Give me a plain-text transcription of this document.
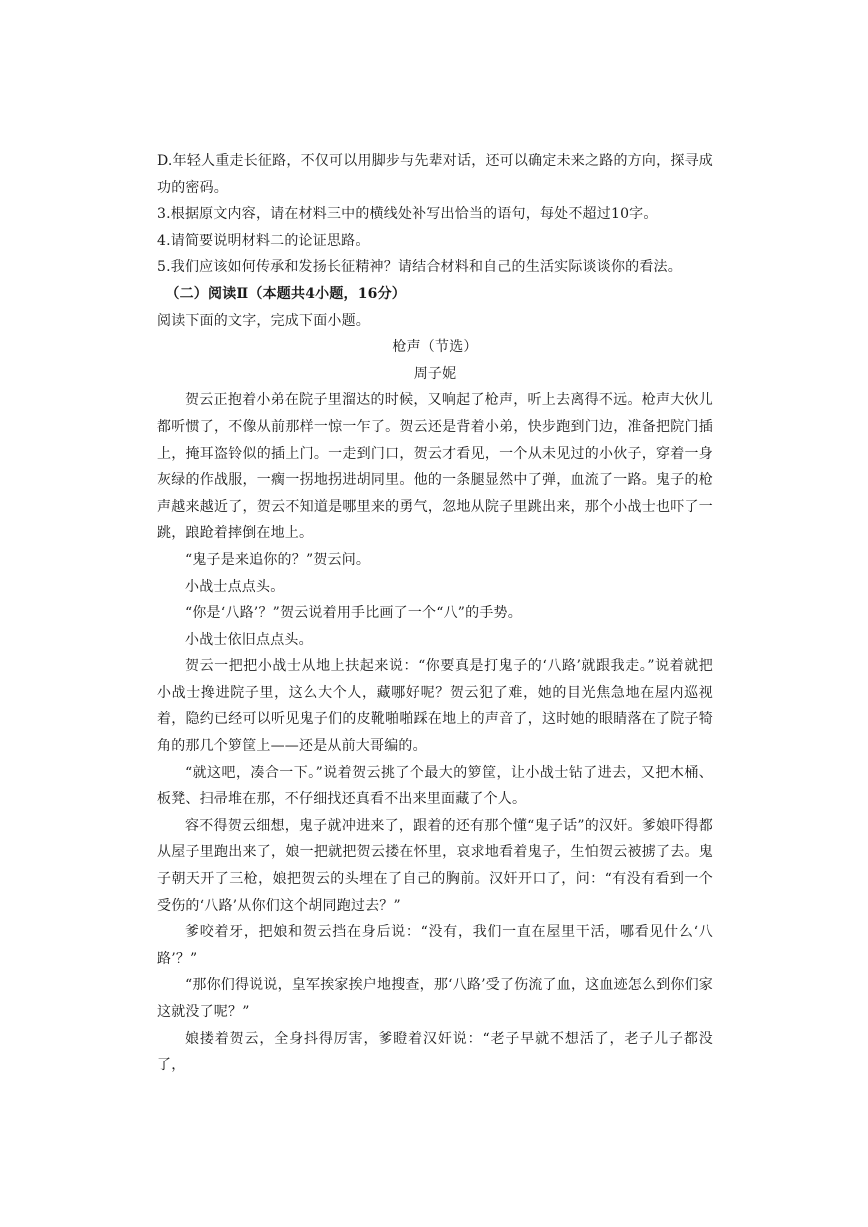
D.年轻人重走长征路，不仅可以用脚步与先辈对话，还可以确定未来之路的方向，探寻成功的密码。

3.根据原文内容，请在材料三中的横线处补写出恰当的语句，每处不超过10字。

4.请简要说明材料二的论证思路。

5.我们应该如何传承和发扬长征精神？请结合材料和自己的生活实际谈谈你的看法。

（二）阅读Ⅱ（本题共4小题，16分）

阅读下面的文字，完成下面小题。

枪声（节选）

周子妮

贺云正抱着小弟在院子里溜达的时候，又响起了枪声，听上去离得不远。枪声大伙儿都听惯了，不像从前那样一惊一乍了。贺云还是背着小弟，快步跑到门边，准备把院门插上，掩耳盗铃似的插上门。一走到门口，贺云才看见，一个从未见过的小伙子，穿着一身灰绿的作战服，一瘸一拐地拐进胡同里。他的一条腿显然中了弹，血流了一路。鬼子的枪声越来越近了，贺云不知道是哪里来的勇气，忽地从院子里跳出来，那个小战士也吓了一跳，踉跄着摔倒在地上。

“鬼子是来追你的？”贺云问。

小战士点点头。

“你是‘八路’？”贺云说着用手比画了一个“八”的手势。

小战士依旧点点头。

贺云一把把小战士从地上扶起来说：“你要真是打鬼子的‘八路’就跟我走。”说着就把小战士搀进院子里，这么大个人，藏哪好呢？贺云犯了难，她的目光焦急地在屋内巡视着，隐约已经可以听见鬼子们的皮靴啪啪踩在地上的声音了，这时她的眼睛落在了院子犄角的那几个箩筐上——还是从前大哥编的。

“就这吧，凑合一下。”说着贺云挑了个最大的箩筐，让小战士钻了进去，又把木桶、板凳、扫帚堆在那，不仔细找还真看不出来里面藏了个人。

容不得贺云细想，鬼子就冲进来了，跟着的还有那个懂“鬼子话”的汉奸。爹娘吓得都从屋子里跑出来了，娘一把就把贺云搂在怀里，哀求地看着鬼子，生怕贺云被掳了去。鬼子朝天开了三枪，娘把贺云的头埋在了自己的胸前。汉奸开口了，问：“有没有看到一个受伤的‘八路’从你们这个胡同跑过去？”

爹咬着牙，把娘和贺云挡在身后说：“没有，我们一直在屋里干活，哪看见什么‘八路’？”

“那你们得说说，皇军挨家挨户地搜查，那‘八路’受了伤流了血，这血迹怎么到你们家这就没了呢？”

娘搂着贺云，全身抖得厉害，爹瞪着汉奸说：“老子早就不想活了，老子儿子都没了，
